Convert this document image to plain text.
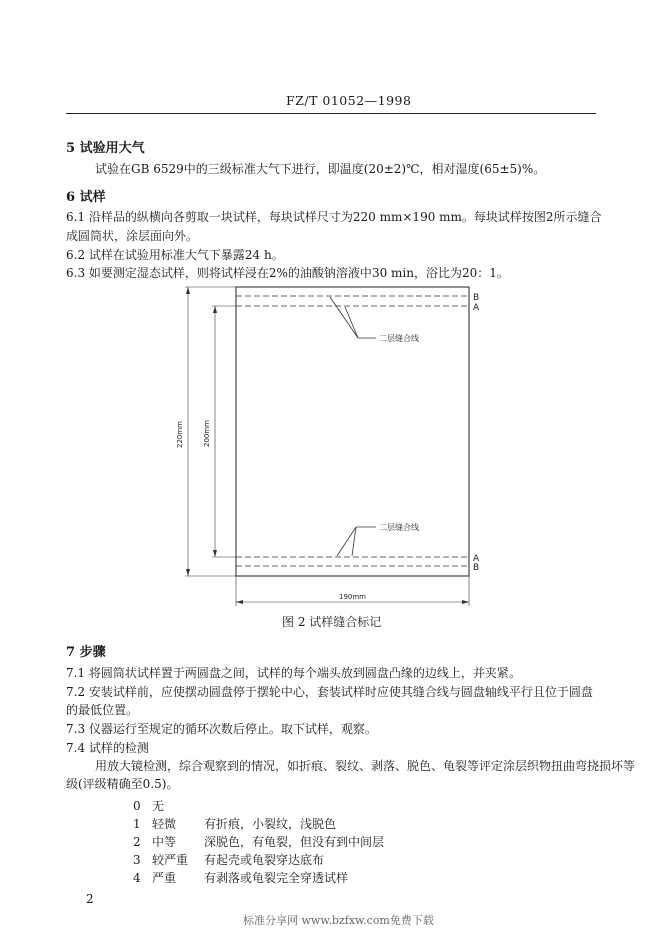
FZ/T 01052—1998
5 试验用大气
试验在GB 6529中的三级标准大气下进行，即温度(20±2)℃，相对湿度(65±5)%。
6 试样
6.1 沿样品的纵横向各剪取一块试样，每块试样尺寸为220 mm×190 mm。每块试样按图2所示缝合
成圆筒状，涂层面向外。
6.2 试样在试验用标准大气下暴露24 h。
6.3 如要测定湿态试样，则将试样浸在2%的油酸钠溶液中30 min，浴比为20：1。
二层缝合线
二层缝合线
B
A
A
B
220mm	200mm
190mm
图 2 试样缝合标记
7 步骤
7.1 将圆筒状试样置于两圆盘之间，试样的每个端头放到圆盘凸缘的边线上，并夹紧。
7.2 安装试样前，应使摆动圆盘停于摆轮中心，套装试样时应使其缝合线与圆盘轴线平行且位于圆盘
的最低位置。
7.3 仪器运行至规定的循环次数后停止。取下试样，观察。
7.4 试样的检测
用放大镜检测，综合观察到的情况，如折痕、裂纹、剥落、脱色、龟裂等评定涂层织物扭曲弯挠损坏等
级(评级精确至0.5)。
0 无
1 轻微 有折痕，小裂纹，浅脱色
2 中等 深脱色，有龟裂，但没有到中间层
3 较严重 有起壳或龟裂穿达底布
4 严重 有剥落或龟裂完全穿透试样
2
标准分享网 www.bzfxw.com免费下载
